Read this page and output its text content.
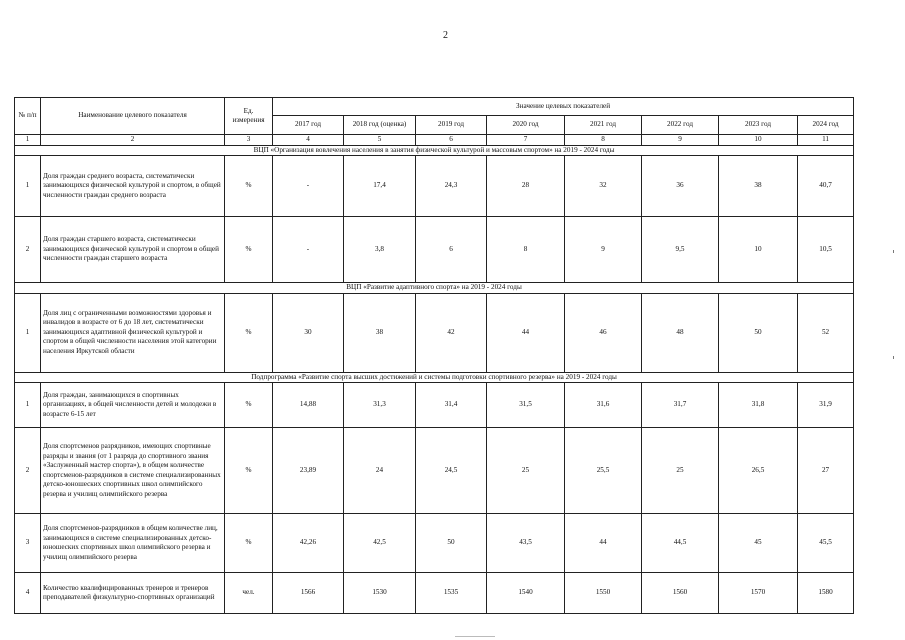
2
№ п/п	Наименование целевого показателя	Ед. измерения	Значение целевых показателей							
			2017 год	2018 год (оценка)	2019 год	2020 год	2021 год	2022 год	2023 год	2024 год
1	2	3	4	5	6	7	8	9	10	11
ВЦП «Организация вовлечения населения в занятия физической культурой и массовым спортом» на 2019 - 2024 годы										
1	Доля граждан среднего возраста, систематически занимающихся физической культурой и спортом, в общей численности граждан среднего возраста	%	-	17,4	24,3	28	32	36	38	40,7
2	Доля граждан старшего возраста, систематически занимающихся физической культурой и спортом в общей численности граждан старшего возраста	%	-	3,8	6	8	9	9,5	10	10,5
ВЦП «Развитие адаптивного спорта» на 2019 - 2024 годы										
1	Доля лиц с ограниченными возможностями здоровья и инвалидов в возрасте от 6 до 18 лет, систематически занимающихся адаптивной физической культурой и спортом в общей численности населения этой категории населения Иркутской области	%	30	38	42	44	46	48	50	52
Подпрограмма «Развитие спорта высших достижений и системы подготовки спортивного резерва» на 2019 - 2024 годы										
1	Доля граждан, занимающихся в спортивных организациях, в общей численности детей и молодежи в возрасте 6-15 лет	%	14,88	31,3	31,4	31,5	31,6	31,7	31,8	31,9
2	Доля спортсменов разрядников, имеющих спортивные разряды и звания (от 1 разряда до спортивного звания «Заслуженный мастер спорта»), в общем количестве спортсменов-разрядников в системе специализированных детско-юношеских спортивных школ олимпийского резерва и училищ олимпийского резерва	%	23,89	24	24,5	25	25,5	25	26,5	27
3	Доля спортсменов-разрядников в общем количестве лиц, занимающихся в системе специализированных детско-юношеских спортивных школ олимпийского резерва и училищ олимпийского резерва	%	42,26	42,5	50	43,5	44	44,5	45	45,5
4	Количество квалифицированных тренеров и тренеров преподавателей физкультурно-спортивных организаций	чел.	1566	1530	1535	1540	1550	1560	1570	1580
